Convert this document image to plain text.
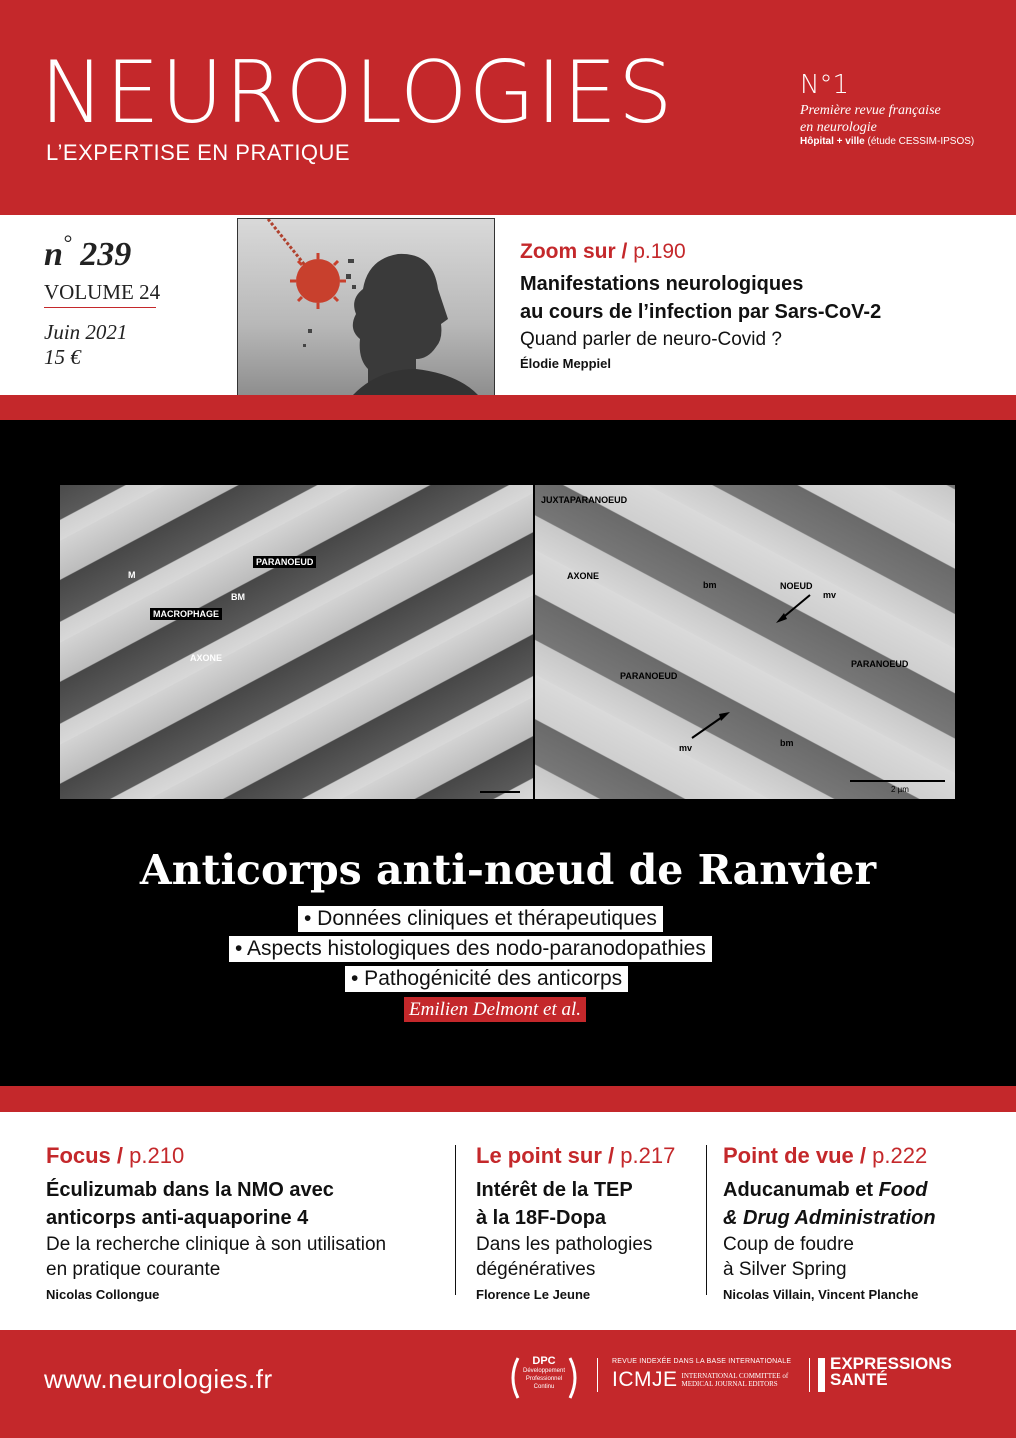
NEUROLOGIES
L’EXPERTISE EN PRATIQUE
N°1
Première revue française
en neurologie
Hôpital + ville (étude CESSIM-IPSOS)
n° 239
VOLUME 24
Juin 2021
15 €
Zoom sur / p.190
Manifestations neurologiques
au cours de l’infection par Sars-CoV-2
Quand parler de neuro-Covid ?
Élodie Meppiel
M
PARANOEUD
BM
MACROPHAGE
AXONE
JUXTAPARANOEUD
AXONE
bm	NOEUD
mv
PARANOEUD
PARANOEUD
mv	bm
2 µm
Anticorps anti-nœud de Ranvier
• Données cliniques et thérapeutiques
• Aspects histologiques des nodo-paranodopathies
• Pathogénicité des anticorps
Emilien Delmont et al.
Focus / p.210
Éculizumab dans la NMO avec
anticorps anti-aquaporine 4
De la recherche clinique à son utilisation
en pratique courante
Nicolas Collongue
Le point sur / p.217
Intérêt de la TEP
à la 18F-Dopa
Dans les pathologies
dégénératives
Florence Le Jeune
Point de vue / p.222
Aducanumab et Food
& Drug Administration
Coup de foudre
à Silver Spring
Nicolas Villain, Vincent Planche
www.neurologies.fr
DPC
Développement
Professionnel
Continu
REVUE INDEXÉE DANS LA BASE INTERNATIONALE
ICMJE INTERNATIONAL COMMITTEE of
MEDICAL JOURNAL EDITORS
EXPRESSIONS
SANTÉ
